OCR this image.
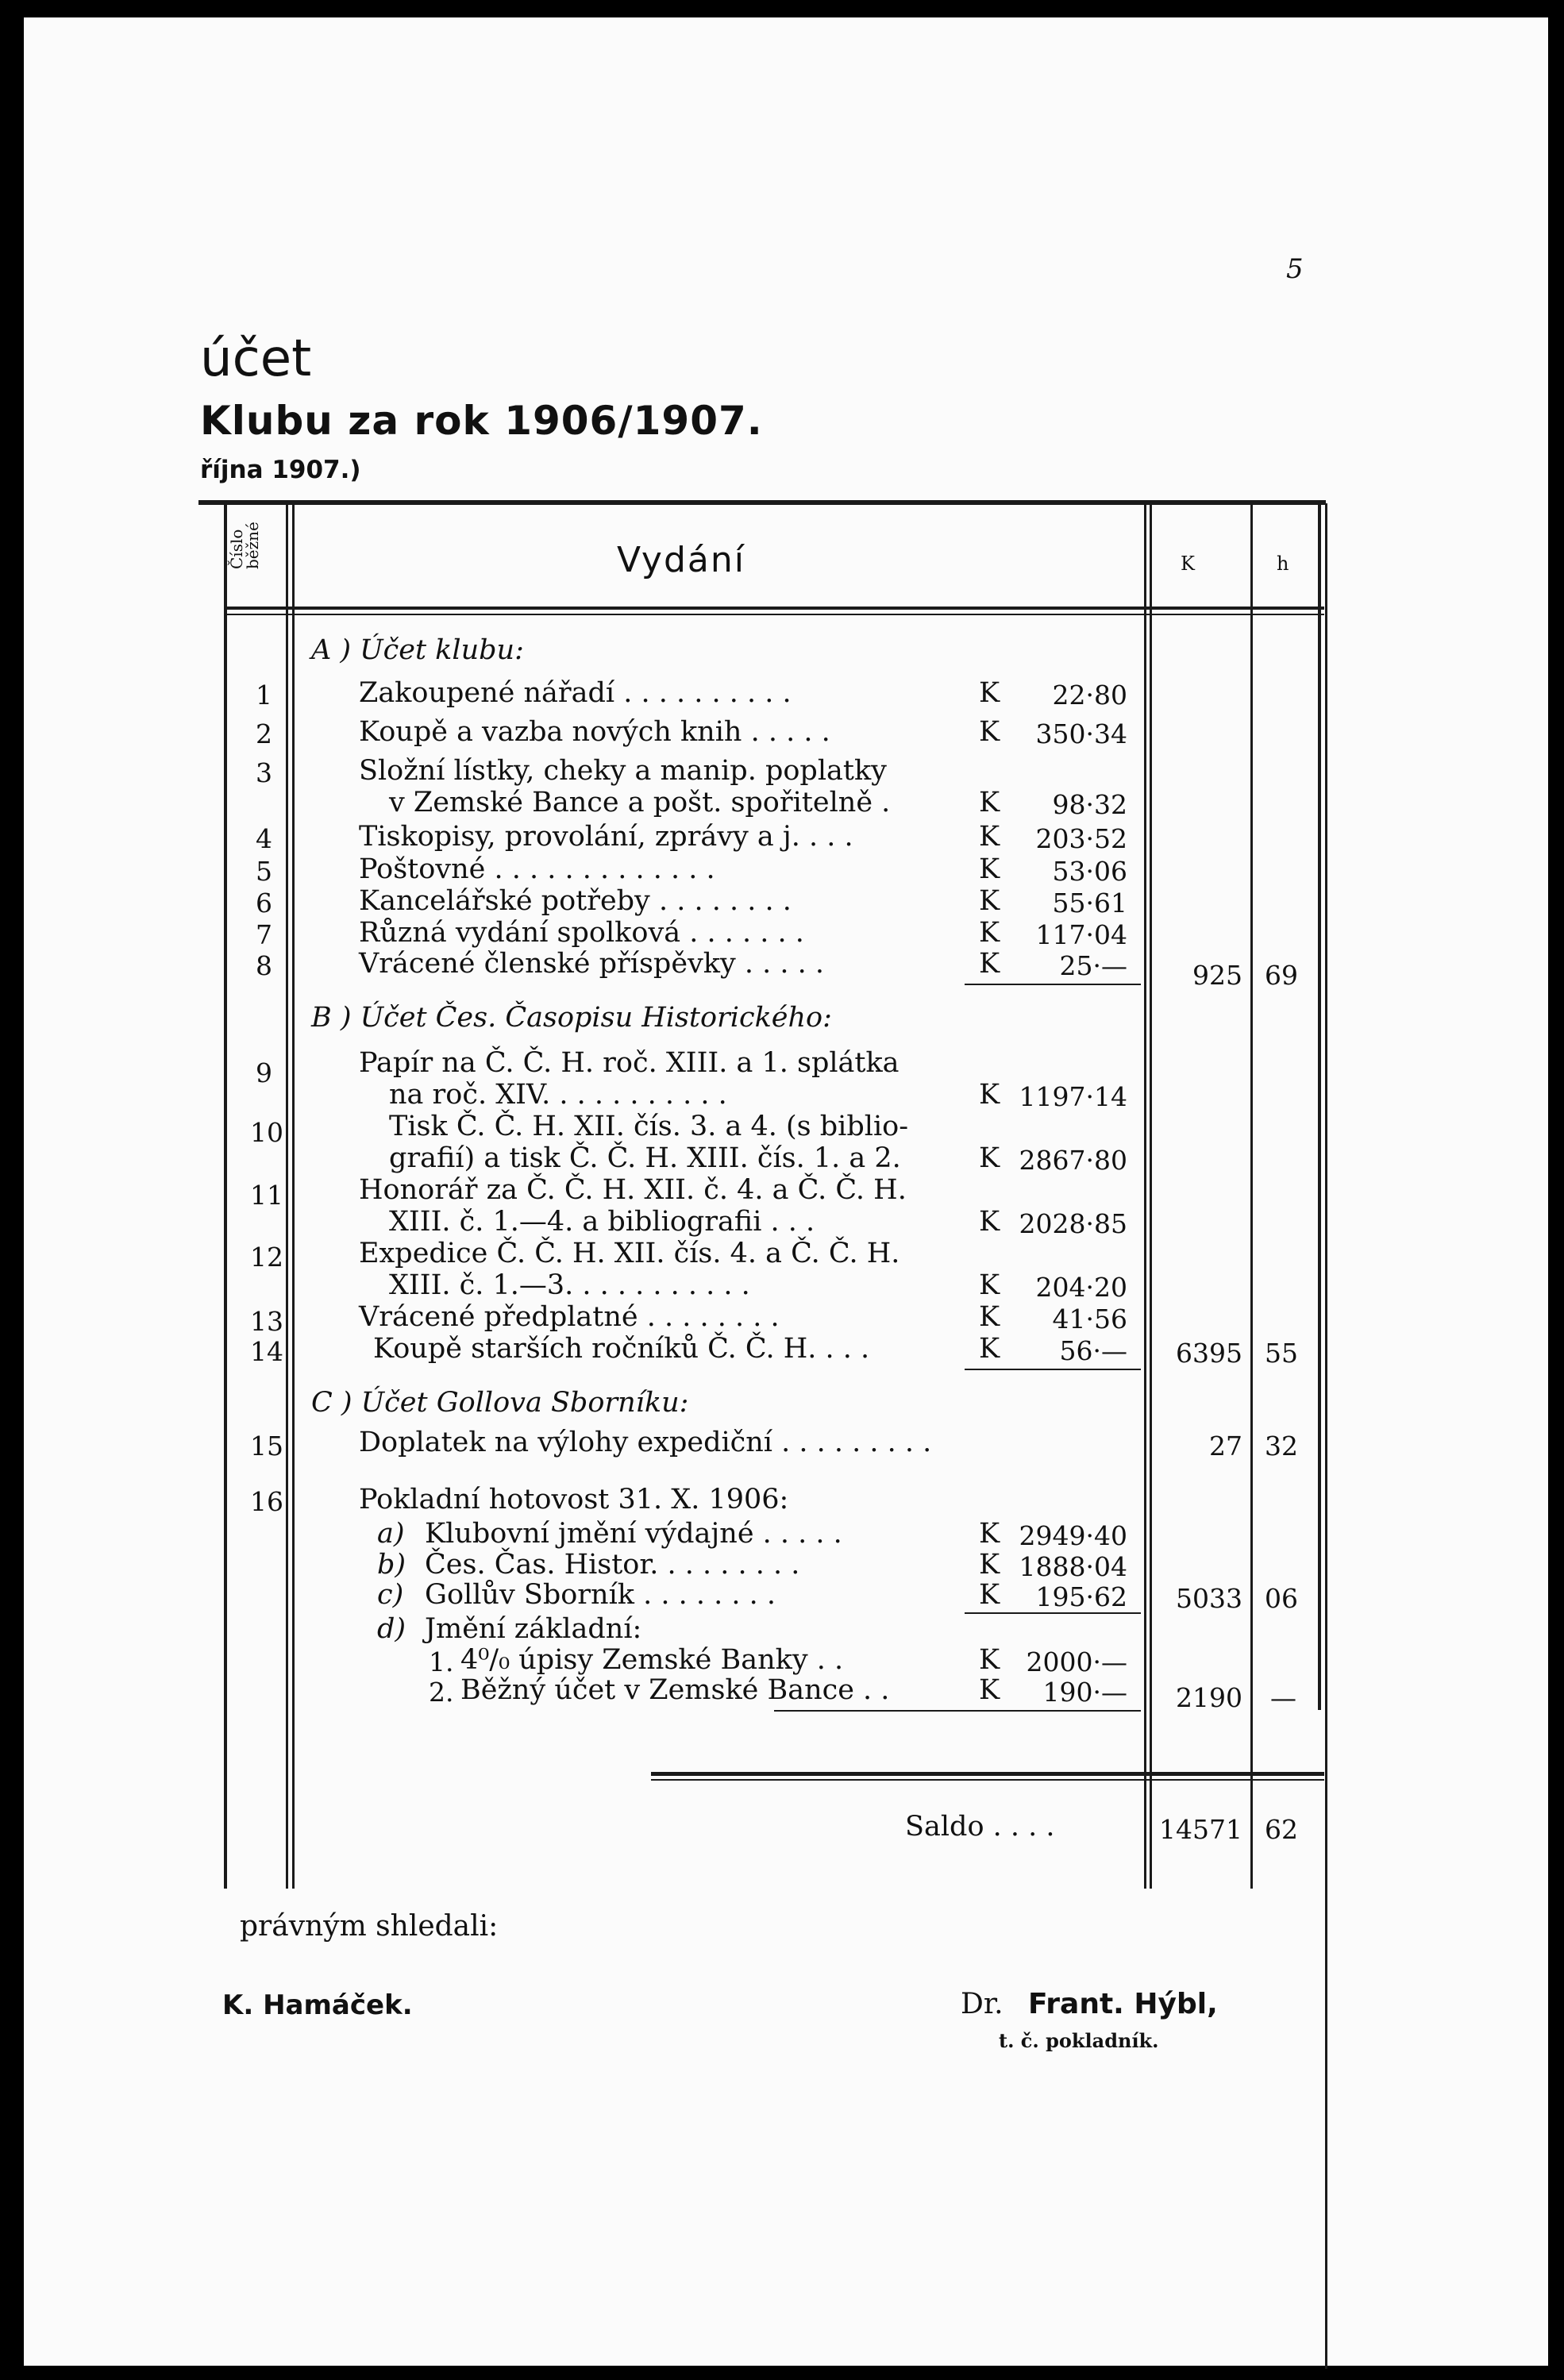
5
účet
Klubu za rok 1906/1907.
října 1907.)
Číslo běžné	Vydání	K	h
A ) Účet klubu:
1	Zakoupené nářadí . . . . . . . . . .	K	22·80
2	Koupě a vazba nových knih . . . . .	K	350·34
3	Složní lístky, cheky a manip. poplatky
v Zemské Bance a pošt. spořitelně .	K	98·32
4	Tiskopisy, provolání, zprávy a j. . . .	K	203·52
5	Poštovné . . . . . . . . . . . . .	K	53·06
6	Kancelářské potřeby . . . . . . . .	K	55·61
7	Různá vydání spolková . . . . . . .	K	117·04
8	Vrácené členské příspěvky . . . . .	K	25·—	925 69
B ) Účet Čes. Časopisu Historického:
9	Papír na Č. Č. H. roč. XIII. a 1. splátka
na roč. XIV. . . . . . . . . . .	K 1197·14
10	Tisk Č. Č. H. XII. čís. 3. a 4. (s biblio-
grafií) a tisk Č. Č. H. XIII. čís. 1. a 2.	K 2867·80
11	Honorář za Č. Č. H. XII. č. 4. a Č. Č. H.
XIII. č. 1.—4. a bibliografii . . .	K 2028·85
12	Expedice Č. Č. H. XII. čís. 4. a Č. Č. H.
XIII. č. 1.—3. . . . . . . . . . .	K	204·20
13	Vrácené předplatné . . . . . . . .	K	41·56
14	Koupě starších ročníků Č. Č. H. . . .	K	56·—	6395 55
C ) Účet Gollova Sborníku:
15	Doplatek na výlohy expediční . . . . . . . . .	27 32
16	Pokladní hotovost 31. X. 1906:
a) Klubovní jmění výdajné . . . . .	K 2949·40
b) Čes. Čas. Histor. . . . . . . . .	K 1888·04
c) Gollův Sborník . . . . . . . .	K	195·62	5033 06
d) Jmění základní:
1. 4⁰/₀ úpisy Zemské Banky . .	K	2000·—
2. Běžný účet v Zemské Bance . .	K	190·—	2190 —
Saldo . . . .	14571 62
právným shledali:
K. Hamáček.	Dr. Frant. Hýbl,
t. č. pokladník.
